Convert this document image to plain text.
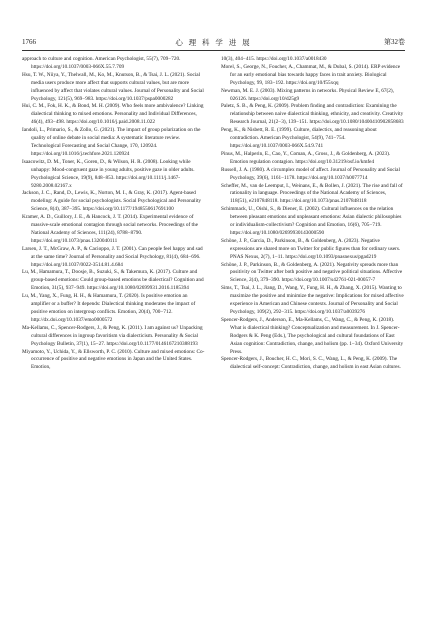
1766	心 理 科 学 进 展	第32卷

approach to culture and cognition. American Psychologist, 55(7), 709−720. https://doi.org/10.1037/0003-066X.55.7.709

Hsu, T. W., Niiya, Y., Thelwall, M., Ko, M., Knutson, B., & Tsai, J. L. (2021). Social media users produce more affect that supports cultural values, but are more influenced by affect that violates cultural values. Journal of Personality and Social Psychology, 121(5), 969−983. https://doi.org/10.1037/pspa0000282

Hui, C. M., Fok, H. K., & Bond, M. H. (2009). Who feels more ambivalence? Linking dialectical thinking to mixed emotions. Personality and Individual Differences, 46(4), 493−498. https://doi.org/10.1016/j.paid.2008.11.022

Iandoli, L., Primario, S., & Zollo, G. (2021). The impact of group polarization on the quality of online debate in social media: A systematic literature review. Technological Forecasting and Social Change, 170, 120924. https://doi.org/10.1016/j.techfore.2021.120924

Isaacowitz, D. M., Toner, K., Goren, D., & Wilson, H. R. (2008). Looking while unhappy: Mood-congruent gaze in young adults, positive gaze in older adults. Psychological Science, 19(9), 848−853. https://doi.org/10.1111/j.1467-9280.2008.02167.x

Jackson, J. C., Rand, D., Lewis, K., Norton, M. I., & Gray, K. (2017). Agent-based modeling: A guide for social psychologists. Social Psychological and Personality Science, 8(4), 387−395. https://doi.org/10.1177/1948550617691100

Kramer, A. D., Guillory, J. E., & Hancock, J. T. (2014). Experimental evidence of massive-scale emotional contagion through social networks. Proceedings of the National Academy of Sciences, 111(24), 8788−8790. https://doi.org/10.1073/pnas.1320040111

Larsen, J. T., McGraw, A. P., & Cacioppo, J. T. (2001). Can people feel happy and sad at the same time? Journal of Personality and Social Psychology, 81(4), 684−696. https://doi.org/10.1037/0022-3514.81.4.684

Lu, M., Hamamura, T., Doosje, B., Suzuki, S., & Takemura, K. (2017). Culture and group-based emotions: Could group-based emotions be dialectical? Cognition and Emotion, 31(5), 937−949. https://doi.org/10.1080/02699931.2016.1185394

Lu, M., Yang, X., Fung, H. H., & Hamamura, T. (2020). Is positive emotion an amplifier or a buffer? It depends: Dialectical thinking moderates the impact of positive emotion on intergroup conflicts. Emotion, 20(4), 700−712. http://dx.doi.org/10.1037/emo0000572

Ma-Kellams, C., Spencer-Rodgers, J., & Peng, K. (2011). I am against us? Unpacking cultural differences in ingroup favoritism via dialecticism. Personality & Social Psychology Bulletin, 37(1), 15−27. https://doi.org/10.1177/0146167210388193

Miyamoto, Y., Uchida, Y., & Ellsworth, P. C. (2010). Culture and mixed emotions: Co-occurrence of positive and negative emotions in Japan and the United States. Emotion,

10(3), 404−415. https://doi.org/10.1037/a0018430

Morel, S., George, N., Foucher, A., Chammat, M., & Dubal, S. (2014). ERP evidence for an early emotional bias towards happy faces in trait anxiety. Biological Psychology, 99, 183−192. https://doi.org/10/f55xqq

Newman, M. E. J. (2003). Mixing patterns in networks. Physical Review E, 67(2), 026126. https://doi.org/10/d25g9

Paletz, S. B., & Peng, K. (2009). Problem finding and contradiction: Examining the relationship between naive dialectical thinking, ethnicity, and creativity. Creativity Research Journal, 21(2−3), 139−151. https://doi.org/10.1080/10400410902858683

Peng, K., & Nisbett, R. E. (1999). Culture, dialectics, and reasoning about contradiction. American Psychologist, 54(9), 741−754. https://doi.org/10.1037/0003-066X.54.9.741

Pinus, M., Halperin, E., Cao, Y., Coman, A., Gross, J., & Goldenberg, A. (2023). Emotion regulation contagion. https://doi.org/10.31219/osf.io/kmfe4

Russell, J. A. (1980). A circumplex model of affect. Journal of Personality and Social Psychology, 39(6), 1161−1178. https://doi.org/10.1037/h0077714

Scheffer, M., van de Leemput, I., Weinans, E., & Bollen, J. (2021). The rise and fall of rationality in language. Proceedings of the National Academy of Sciences, 118(51), e2107848118. https://doi.org/10.1073/pnas.2107848118

Schimmack, U., Oishi, S., & Diener, E. (2002). Cultural influences on the relation between pleasant emotions and unpleasant emotions: Asian dialectic philosophies or individualism-collectivism? Cognition and Emotion, 16(6), 705−719. https://doi.org/10.1080/02699930143000590

Schöne, J. P., Garcia, D., Parkinson, B., & Goldenberg, A. (2023). Negative expressions are shared more on Twitter for public figures than for ordinary users. PNAS Nexus, 2(7), 1−11. https://doi.org/10.1093/pnasnexus/pgad219

Schöne, J. P., Parkinson, B., & Goldenberg, A. (2021). Negativity spreads more than positivity on Twitter after both positive and negative political situations. Affective Science, 2(4), 379−390. https://doi.org/10.1007/s42761-021-00057-7

Sims, T., Tsai, J. L., Jiang, D., Wang, Y., Fung, H. H., & Zhang, X. (2015). Wanting to maximize the positive and minimize the negative: Implications for mixed affective experience in American and Chinese contexts. Journal of Personality and Social Psychology, 109(2), 292−315. https://doi.org/10.1037/a0039276

Spencer-Rodgers, J., Anderson, E., Ma-Kellams, C., Wang, C., & Peng, K. (2018). What is dialectical thinking? Conceptualization and measurement. In J. Spencer-Rodgers & K. Peng (Eds.), The psychological and cultural foundations of East Asian cognition: Contradiction, change, and holism (pp. 1−34). Oxford University Press.

Spencer-Rodgers, J., Boucher, H. C., Mori, S. C., Wang, L., & Peng, K. (2009). The dialectical self-concept: Contradiction, change, and holism in east Asian cultures.
